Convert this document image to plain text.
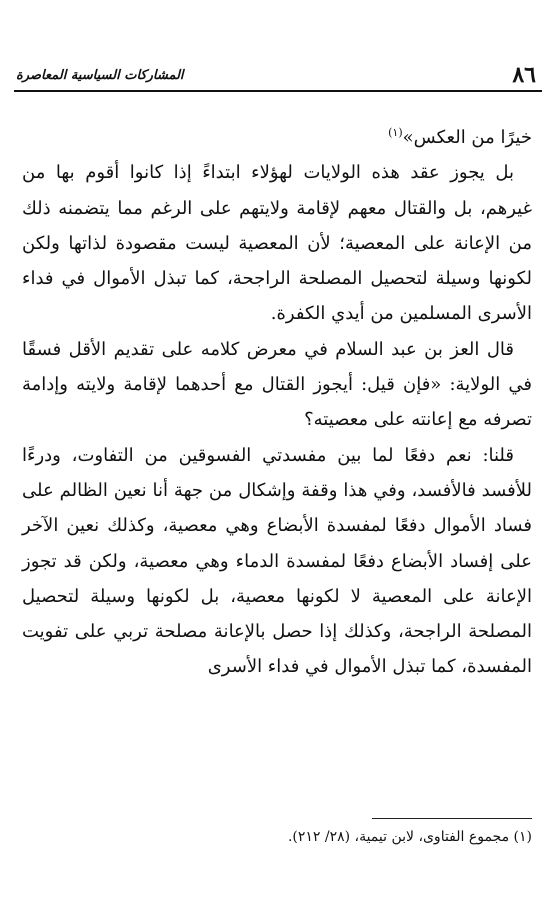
٨٦
المشاركات السياسية المعاصرة

خيرًا من العكس»$^{(١)}$

بل يجوز عقد هذه الولايات لهؤلاء ابتداءً إذا كانوا أقوم بها من غيرهم، بل والقتال معهم لإقامة ولايتهم على الرغم مما يتضمنه ذلك من الإعانة على المعصية؛ لأن المعصية ليست مقصودة لذاتها ولكن لكونها وسيلة لتحصيل المصلحة الراجحة، كما تبذل الأموال في فداء الأسرى المسلمين من أيدي الكفرة.

قال العز بن عبد السلام في معرض كلامه على تقديم الأقل فسقًا في الولاية: «فإن قيل: أيجوز القتال مع أحدهما لإقامة ولايته وإدامة تصرفه مع إعانته على معصيته؟

قلنا: نعم دفعًا لما بين مفسدتي الفسوقين من التفاوت، ودرءًا للأفسد فالأفسد، وفي هذا وقفة وإشكال من جهة أنا نعين الظالم على فساد الأموال دفعًا لمفسدة الأبضاع وهي معصية، وكذلك نعين الآخر على إفساد الأبضاع دفعًا لمفسدة الدماء وهي معصية، ولكن قد تجوز الإعانة على المعصية لا لكونها معصية، بل لكونها وسيلة لتحصيل المصلحة الراجحة، وكذلك إذا حصل بالإعانة مصلحة تربي على تفويت المفسدة، كما تبذل الأموال في فداء الأسرى

(١) مجموع الفتاوى، لابن تيمية، (٢٨/ ٢١٢).
